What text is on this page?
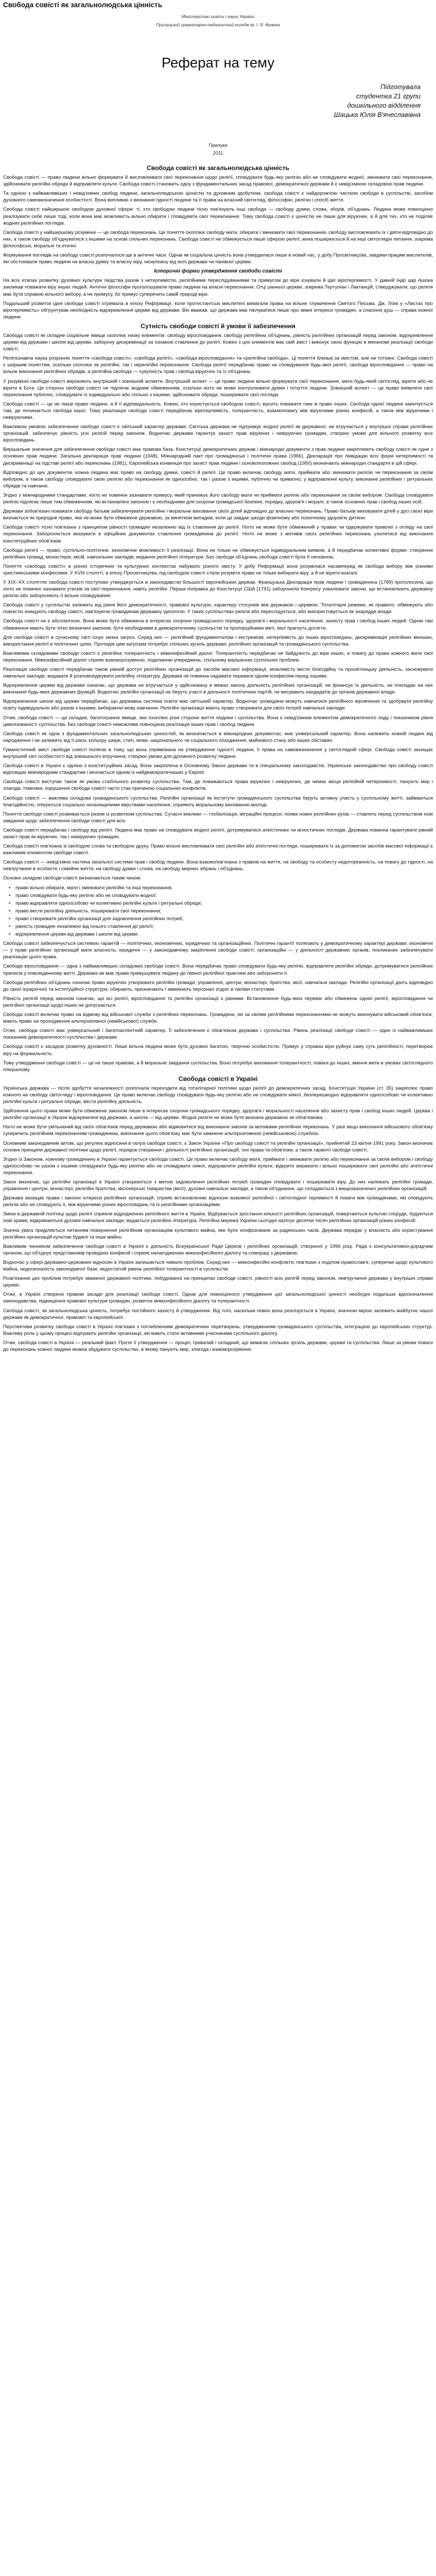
Свобода совісті як загальнолюдська цінність
Міністерство освіти і науки України
Прилуцький гуманітарно-педагогічний коледж ім. І. Я. Франка
Реферат на тему
Підготувала
студентка 21 групи
дошкільного відділення
Шацька Юлія В'ячеславівна
Прилуки
2011
Свобода совісті як загальнолюдська цінність

Свобода совісті — право людини вільно формувати й висловлювати свої переконання щодо релігії, сповідувати будь-яку релігію або не сповідувати жодної, змінювати свої переконання, здійснювати релігійні обряди й відправляти культи. Свобода совісті становить одну з фундаментальних засад правової, демократичної держави й є невід'ємною складовою прав людини.

Та однією з найважливіших і невід'ємних свобод людини, загальнолюдською цінністю та духовним здобутком, свобода совісті є найдорожчою часткою свободи в суспільстві, засобом духовного самовизначення особистості. Вона випливає з визнання гідності людини та її права на власний світогляд, філософію, релігію і спосіб життя.

Свобода совісті найширшою свободою духовної сфери: ті, хто свободою людини тісно пов'язують інші свободи — свободу думки, слова, зборів, об'єднань. Людина може повноцінно реалізувати себе лише тоді, коли вона має можливість вільно обирати і сповідувати свої переконання. Тому свобода совісті є цінністю не лише для віруючих, а й для тих, хто не поділяє жодних релігійних поглядів.

Свобода совісті у найширшому розумінні — це свобода переконань. Це поняття охоплює свободу мати, обирати і змінювати свої переконання, свободу висловлювати їх і діяти відповідно до них, а також свободу об'єднуватися з іншими на основі спільних переконань. Свобода совісті не обмежується лише сферою релігії, вона поширюється й на інші світоглядні питання, зокрема філософські, моральні та етичні.

Формування поглядів на свободу совісті розпочалося ще в античні часи. Однак як соціальна цінність вона утвердилася лише в новий час, у добу Просвітництва, завдяки працям мислителів, які обстоювали право людини на власну думку та власну віру, незалежну від волі держави чи панівної церкви.

Історичні форми утвердження свободи совісті

На всіх етапах розвитку духовної культури людства разом з нетерпимістю, релігійними переслідуваннями та примусом до віри існували й ідеї віротерпимості. У давній Індії цар Ашока закликав поважати віру інших людей. Античні філософи проголошували право людини на власні переконання. Отці ранньої церкви, зокрема Тертуліан і Лактанцій, стверджували, що релігія має бути справою вільного вибору, а не примусу, бо примус суперечить самій природі віри.

Подальший розвиток ідея свободи совісті отримала в епоху Реформації, коли протестантські мислителі вимагали права на вільне тлумачення Святого Письма. Дж. Локк у «Листах про віротерпимість» обґрунтував необхідність відокремлення церкви від держави. Він вважав, що держава має піклуватися лише про земні інтереси громадян, а спасіння душ — справа кожної людини.

Сутність свободи совісті й умови її забезпечення

Свобода совісті як складне соціальне явище охоплює низку елементів: свободу віросповідання, свободу релігійних об'єднань, рівність релігійних організацій перед законом, відокремлення церкви від держави і школи від церкви, заборону дискримінації за ознакою ставлення до релігії. Кожен з цих елементів має свій зміст і виконує свою функцію в механізмі реалізації свободи совісті.

Релігієзнавча наука розрізняє поняття «свобода совісті», «свобода релігії», «свобода віросповідання» та «релігійна свобода». Ці поняття близькі за змістом, але не тотожні. Свобода совісті є ширшим поняттям, оскільки охоплює як релігійні, так і нерелігійні переконання. Свобода релігії передбачає право на сповідування будь-якої релігії, свобода віросповідання — право на вільне виконання релігійних обрядів, а релігійна свобода — сукупність прав і свобод віруючих та їх об'єднань.

У розумінні свободи совісті вирізняють внутрішній і зовнішній аспекти. Внутрішній аспект — це право людини вільно формувати свої переконання, мати будь-який світогляд, вірити або не вірити в Бога. Ця сторона свободи совісті не підлягає жодним обмеженням, оскільки ніхто не може контролювати думки і почуття людини. Зовнішній аспект — це право виявляти свої переконання публічно, сповідувати їх індивідуально або спільно з іншими, здійснювати обряди, поширювати свої погляди.

Свобода совісті — це не лише право людини, а й її відповідальність. Кожен, хто користується свободою совісті, мусить поважати таке ж право інших. Свобода однієї людини закінчується там, де починається свобода іншої. Тому реалізація свободи совісті передбачає віротерпимість, толерантність, взаємоповагу між віруючими різних конфесій, а також між віруючими і невіруючими.

Важливою умовою забезпечення свободи совісті є світський характер держави. Світська держава не підтримує жодної релігії як державної, не втручається у внутрішні справи релігійних організацій, забезпечує рівність усіх релігій перед законом. Водночас держава гарантує захист прав віруючих і невіруючих громадян, створює умови для вільного розвитку всіх віросповідань.

Вирішальне значення для забезпечення свободи совісті має правова база. Конституції демократичних держав і міжнародні документи з прав людини закріплюють свободу совісті як одне з основних прав людини. Загальна декларація прав людини (1948), Міжнародний пакт про громадянські і політичні права (1966), Декларація про ліквідацію всіх форм нетерпимості та дискримінації на підставі релігії або переконань (1981), Європейська конвенція про захист прав людини і основоположних свобод (1950) визначають міжнародні стандарти в цій сфері.

Відповідно до цих документів, кожна людина має право на свободу думки, совісті й релігії. Це право включає свободу мати, приймати або змінювати релігію чи переконання за своїм вибором, а також свободу сповідувати свою релігію або переконання як одноосібно, так і разом з іншими, публічно чи приватно, у відправленні культу, виконанні релігійних і ритуальних обрядів та навчанні.

Згідно з міжнародними стандартами, ніхто не повинен зазнавати примусу, який принижує його свободу мати чи приймати релігію або переконання за своїм вибором. Свобода сповідувати релігію підлягає лише тим обмеженням, які встановлені законом і є необхідними для охорони громадської безпеки, порядку, здоров'я і моралі, а також основних прав і свобод інших осіб.

Держави зобов'язані поважати свободу батьків забезпечувати релігійне і моральне виховання своїх дітей відповідно до власних переконань. Право батьків виховувати дітей у дусі своєї віри визнається як природне право, яке не може бути обмежене державою, за винятком випадків, коли це завдає шкоди фізичному або психічному здоров'ю дитини.

Свобода совісті тісно пов'язана з принципом рівності громадян незалежно від їх ставлення до релігії. Ніхто не може бути обмежений у правах чи одержувати привілеї з огляду на свої переконання. Забороняється вказувати в офіційних документах ставлення громадянина до релігії. Ніхто не може з мотивів своїх релігійних переконань ухилятися від виконання конституційних обов'язків.

Свобода релігії — право, суспільно-політичне, економічне можливості її реалізації. Вона не тільки не обмежується індивідуальним виявом, а й передбачає колективні форми: створення релігійних громад, монастирів, місій, навчальних закладів, видання релігійної літератури. Без свободи об'єднань свобода совісті була б неповною.

Поняття «свобода совісті» в різних історичних та культурних контекстах набувало різного змісту. У добу Реформації вона розумілася насамперед як свобода вибору між різними християнськими конфесіями. У XVIII столітті, в епоху Просвітництва, під свободою совісті стали розуміти право не тільки вибирати віру, а й не вірити взагалі.

У XIX–XX століттях свобода совісті поступово утверджується в законодавстві більшості європейських держав. Французька Декларація прав людини і громадянина (1789) проголосила, що ніхто не повинен зазнавати утисків за свої переконання, навіть релігійні. Перша поправка до Конституції США (1791) заборонила Конгресу ухвалювати закони, що встановлюють державну релігію або забороняють її вільне сповідування.

Свобода совісті у суспільстві залежить від рівня його демократичності, правової культури, характеру стосунків між державою і церквою. Тоталітарні режими, як правило, обмежують або повністю знищують свободу совісті, нав'язуючи громадянам державну ідеологію. У таких суспільствах релігія або переслідується, або використовується як знаряддя влади.

Свобода совісті не є абсолютною. Вона може бути обмежена в інтересах охорони громадського порядку, здоров'я і моральності населення, захисту прав і свобод інших людей. Однак такі обмеження мають бути чітко визначені законом, бути необхідними в демократичному суспільстві та пропорційними меті, якої прагнуть досягти.

Для свободи совісті в сучасному світі існує низка загроз. Серед них — релігійний фундаменталізм і екстремізм, нетерпимість до інших віросповідань, дискримінація релігійних меншин, використання релігії в політичних цілях. Протидія цим загрозам потребує спільних зусиль держави, релігійних організацій та громадянського суспільства.

Важливими складовими свободи совісті є релігійна толерантність і міжконфесійний діалог. Толерантність передбачає не байдужість до віри інших, а повагу до права кожного мати свої переконання. Міжконфесійний діалог сприяє взаєморозумінню, подоланню упереджень, спільному вирішенню суспільних проблем.

Реалізація свободи совісті передбачає також рівний доступ релігійних організацій до засобів масової інформації, можливість вести благодійну та просвітницьку діяльність, засновувати навчальні заклади, видавати й розповсюджувати релігійну літературу. Держава не повинна надавати переваги одним конфесіям перед іншими.

Відокремлення церкви від держави означає, що держава не втручається у здійснювану в межах закону діяльність релігійних організацій, не фінансує їх діяльність, не покладає на них виконання будь-яких державних функцій. Водночас релігійні організації не беруть участі в діяльності політичних партій, не висувають кандидатів до органів державної влади.

Відокремлення школи від церкви передбачає, що державна система освіти має світський характер. Водночас громадяни можуть навчатися релігійного віровчення та здобувати релігійну освіту індивідуально або разом з іншими, вибираючи мову навчання. Релігійні організації мають право створювати для своїх потреб навчальні заклади.

Отже, свобода совісті — це складне, багатогранне явище, яке охоплює різні сторони життя людини і суспільства. Вона є невід'ємним елементом демократичного ладу і показником рівня цивілізованості суспільства. Без свободи совісті неможлива повноцінна реалізація інших прав і свобод людини.

Свобода совісті як одна з фундаментальних загальнолюдських цінностей, як визначається в міжнародних документах, має універсальний характер. Вона належить кожній людині від народження і не залежить від її раси, кольору шкіри, статі, мови, національного чи соціального походження, майнового стану або інших обставин.

Гуманістичний зміст свободи совісті полягає в тому, що вона спрямована на утвердження гідності людини, її права на самовизначення у світоглядній сфері. Свобода совісті захищає внутрішній світ особистості від зовнішнього втручання, створює умови для духовного розвитку людини.

Свобода совісті в Україні є однією з конституційних засад. Вона закріплена в Основному Законі держави та в спеціальному законодавстві. Українське законодавство про свободу совісті відповідає міжнародним стандартам і визнається одним із найдемократичніших у Європі.

Свобода совісті виступає також як умова стабільного розвитку суспільства. Там, де поважаються права віруючих і невіруючих, де немає місця релігійній нетерпимості, панують мир і злагода. Навпаки, порушення свободи совісті часто стає причиною соціальних конфліктів.

Свобода совісті — важлива складова громадянського суспільства. Релігійні організації як інститути громадянського суспільства беруть активну участь у суспільному житті, займаються благодійністю, опікуються соціально незахищеними верствами населення, сприяють моральному вихованню молоді.

Поняття свободи совісті розвивається разом із розвитком суспільства. Сучасні виклики — глобалізація, міграційні процеси, поява нових релігійних рухів — ставлять перед суспільством нові завдання щодо забезпечення свободи совісті для всіх.

Свобода совісті передбачає і свободу від релігії. Людина має право не сповідувати жодної релігії, дотримуватися атеїстичних чи агностичних поглядів. Держава повинна гарантувати рівний захист прав як віруючих, так і невіруючих громадян.

Свобода совісті пов'язана зі свободою слова та свободою друку. Право вільно висловлювати свої релігійні або атеїстичні погляди, поширювати їх за допомогою засобів масової інформації є важливим елементом свободи совісті.

Свобода совісті — невід'ємна частина загальної системи прав і свобод людини. Вона взаємопов'язана з правом на життя, на свободу та особисту недоторканність, на повагу до гідності, на невтручання в особисте і сімейне життя, на свободу думки і слова, на свободу мирних зібрань і об'єднань.

Основні складові свободи совісті визначаються таким чином:

• право вільно обирати, мати і змінювати релігійні та інші переконання;
• право сповідувати будь-яку релігію або не сповідувати жодної;
• право відправляти одноособово чи колективно релігійні культи і ритуальні обряди;
• право вести релігійну діяльність, поширювати свої переконання;
• право створювати релігійні організації для задоволення релігійних потреб;
• рівність громадян незалежно від їхнього ставлення до релігії;
• відокремлення церкви від держави і школи від церкви.

Свобода совісті забезпечується системою гарантій — політичних, економічних, юридичних та організаційних. Політичні гарантії полягають у демократичному характері держави; економічні — у праві релігійних організацій мати власність; юридичні — у законодавчому закріпленні свободи совісті; організаційні — у діяльності державних органів, покликаних забезпечувати реалізацію цього права.

Свобода віросповідання — одна з найважливіших складових свободи совісті. Вона передбачає право сповідувати будь-яку релігію, відправляти релігійні обряди, дотримуватися релігійних приписів у повсякденному житті. Держава не має права примушувати людину до певної релігійної практики або забороняти її.

Свобода релігійних об'єднань означає право віруючих утворювати релігійні громади, управління, центри, монастирі, братства, місії, навчальні заклади. Релігійні організації діють відповідно до своєї ієрархічної та інституційної структури, обирають, призначають і замінюють персонал згідно зі своїми статутами.

Рівність релігій перед законом означає, що всі релігії, віросповідання та релігійні організації є рівними. Встановлення будь-яких переваг або обмежень однієї релігії, віросповідання чи релігійної організації щодо інших не допускається.

Свобода совісті включає право на відмову від військової служби з релігійних переконань. Громадяни, які за своїми релігійними переконаннями не можуть виконувати військовий обов'язок, мають право на проходження альтернативної (невійськової) служби.

Отже, свобода совісті має універсальний і багатоаспектний характер. Її забезпечення є обов'язком держави і суспільства. Рівень реалізації свободи совісті — один із найважливіших показників демократичності суспільства і держави.

Свобода совісті є засадою розвитку духовності. Лише вільна людина може бути духовно багатою, творчою особистістю. Примус у справах віри руйнує саму суть релігійності, перетворює віру на формальність.

Тому утвердження свободи совісті — це не лише правове, а й моральне завдання суспільства. Воно потребує виховання толерантності, поваги до інших, вміння жити в умовах світоглядного плюралізму.

Свобода совісті в Україні

Українська держава — після здобуття незалежності розпочала переходити від тоталітарної політики щодо релігії до демократичних засад. Конституція України (ст. 35) закріплює право кожного на свободу світогляду і віросповідання. Це право включає свободу сповідувати будь-яку релігію або не сповідувати ніякої, безперешкодно відправляти одноособово чи колективно релігійні культи і ритуальні обряди, вести релігійну діяльність.

Здійснення цього права може бути обмежене законом лише в інтересах охорони громадського порядку, здоров'я і моральності населення або захисту прав і свобод інших людей. Церква і релігійні організації в Україні відокремлені від держави, а школа — від церкви. Жодна релігія не може бути визнана державою як обов'язкова.

Ніхто не може бути увільнений від своїх обов'язків перед державою або відмовитися від виконання законів за мотивами релігійних переконань. У разі якщо виконання військового обов'язку суперечить релігійним переконанням громадянина, виконання цього обов'язку має бути замінене альтернативною (невійськовою) службою.

Основним законодавчим актом, що регулює відносини в галузі свободи совісті, є Закон України «Про свободу совісті та релігійні організації», прийнятий 23 квітня 1991 року. Закон визначає основні принципи державної політики щодо релігії, порядок створення і діяльності релігійних організацій, їхні права та обов'язки, а також гарантії свободи совісті.

Згідно із Законом, кожному громадянину в Україні гарантується свобода совісті. Це право включає свободу мати, приймати і змінювати релігію або переконання за своїм вибором і свободу одноособово чи разом з іншими сповідувати будь-яку релігію або не сповідувати ніякої, відправляти релігійні культи, відкрито виражати і вільно поширювати свої релігійні або атеїстичні переконання.

Закон визначає, що релігійні організації в Україні утворюються з метою задоволення релігійних потреб громадян сповідувати і поширювати віру. До них належать релігійні громади, управління і центри, монастирі, релігійні братства, місіонерські товариства (місії), духовні навчальні заклади, а також об'єднання, що складаються з вищезазначених релігійних організацій.

Держава захищає права і законні інтереси релігійних організацій, сприяє встановленню відносин взаємної релігійної і світоглядної терпимості й поваги між громадянами, які сповідують релігію або не сповідують її, між віруючими різних віросповідань та їх релігійними організаціями.

Зміни в державній політиці щодо релігії сприяли відродженню релігійного життя в Україні. Відбувається зростання кількості релігійних організацій, повертаються культові споруди, будуються нові храми, відкриваються духовні навчальні заклади, видається релігійна література. Релігійна мережа України сьогодні налічує десятки тисяч релігійних організацій різних конфесій.

Значна увага приділяється питанням повернення релігійним організаціям культового майна, яке було конфісковане за радянських часів. Держава передає у власність або користування релігійних організацій культові будівлі та інше майно.

Важливим чинником забезпечення свободи совісті в Україні є діяльність Всеукраїнської Ради Церков і релігійних організацій, створеної у 1996 році. Рада є консультативно-дорадчим органом, що об'єднує представників провідних конфесій і сприяє налагодженню міжконфесійного діалогу та співпраці з державою.

Водночас у сфері державно-церковних відносин в Україні залишається чимало проблем. Серед них — міжконфесійні конфлікти, пов'язані з поділом православ'я, суперечки щодо культового майна, недосконалість законодавчої бази, недостатній рівень релігійної толерантності в суспільстві.

Розв'язання цих проблем потребує зваженої державної політики, побудованої на принципах свободи совісті, рівності всіх релігій перед законом, невтручання держави у внутрішні справи церкви.

Отже, в Україні створено правові засади для реалізації свободи совісті. Однак для повноцінного утвердження цієї загальнолюдської цінності необхідні подальше вдосконалення законодавства, підвищення правової культури громадян, розвиток міжконфесійного діалогу та толерантності.

Свобода совісті, як загальнолюдська цінність, потребує постійного захисту й утвердження. Від того, наскільки повно вона реалізується в Україні, значною мірою залежить майбутнє нашої держави як демократичної, правової та європейської.

Перспективи розвитку свободи совісті в Україні пов'язані з поглибленням демократичних перетворень, утвердженням громадянського суспільства, інтеграцією до європейських структур. Важливу роль у цьому процесі відіграють релігійні організації, які мають стати активними учасниками суспільного діалогу.

Отже, свобода совісті в Україні — реальний факт. Проте її утвердження — процес тривалий і складний, що вимагає спільних зусиль держави, церкви та суспільства. Лише за умови поваги до переконань кожної людини можна збудувати суспільство, в якому панують мир, злагода і взаєморозуміння.
